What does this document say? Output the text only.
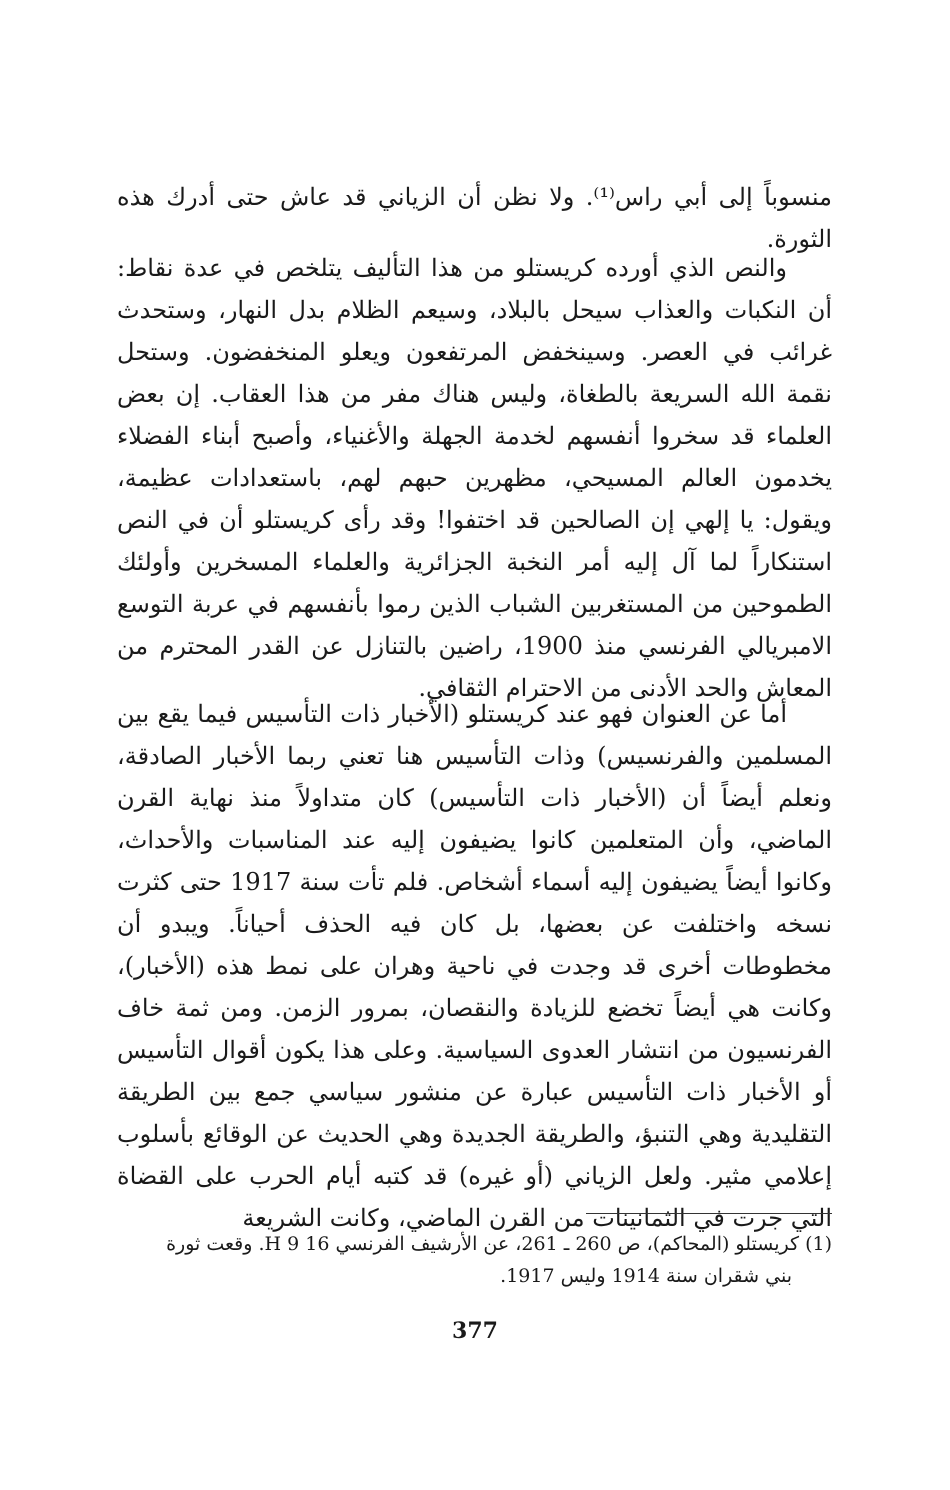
منسوباً إلى أبي راس⁽¹⁾. ولا نظن أن الزياني قد عاش حتى أدرك هذه الثورة.

والنص الذي أورده كريستلو من هذا التأليف يتلخص في عدة نقاط: أن النكبات والعذاب سيحل بالبلاد، وسيعم الظلام بدل النهار، وستحدث غرائب في العصر. وسينخفض المرتفعون ويعلو المنخفضون. وستحل نقمة الله السريعة بالطغاة، وليس هناك مفر من هذا العقاب. إن بعض العلماء قد سخروا أنفسهم لخدمة الجهلة والأغنياء، وأصبح أبناء الفضلاء يخدمون العالم المسيحي، مظهرين حبهم لهم، باستعدادات عظيمة، ويقول: يا إلهي إن الصالحين قد اختفوا! وقد رأى كريستلو أن في النص استنكاراً لما آل إليه أمر النخبة الجزائرية والعلماء المسخرين وأولئك الطموحين من المستغربين الشباب الذين رموا بأنفسهم في عربة التوسع الامبريالي الفرنسي منذ 1900، راضين بالتنازل عن القدر المحترم من المعاش والحد الأدنى من الاحترام الثقافي.

أما عن العنوان فهو عند كريستلو (الأخبار ذات التأسيس فيما يقع بين المسلمين والفرنسيس) وذات التأسيس هنا تعني ربما الأخبار الصادقة، ونعلم أيضاً أن (الأخبار ذات التأسيس) كان متداولاً منذ نهاية القرن الماضي، وأن المتعلمين كانوا يضيفون إليه عند المناسبات والأحداث، وكانوا أيضاً يضيفون إليه أسماء أشخاص. فلم تأت سنة 1917 حتى كثرت نسخه واختلفت عن بعضها، بل كان فيه الحذف أحياناً. ويبدو أن مخطوطات أخرى قد وجدت في ناحية وهران على نمط هذه (الأخبار)، وكانت هي أيضاً تخضع للزيادة والنقصان، بمرور الزمن. ومن ثمة خاف الفرنسيون من انتشار العدوى السياسية. وعلى هذا يكون أقوال التأسيس أو الأخبار ذات التأسيس عبارة عن منشور سياسي جمع بين الطريقة التقليدية وهي التنبؤ، والطريقة الجديدة وهي الحديث عن الوقائع بأسلوب إعلامي مثير. ولعل الزياني (أو غيره) قد كتبه أيام الحرب على القضاة التي جرت في الثمانينات من القرن الماضي، وكانت الشريعة

(1) كريستلو (المحاكم)، ص 260 ـ 261، عن الأرشيف الفرنسي 16 H 9. وقعت ثورة
بني شقران سنة 1914 وليس 1917.
377
